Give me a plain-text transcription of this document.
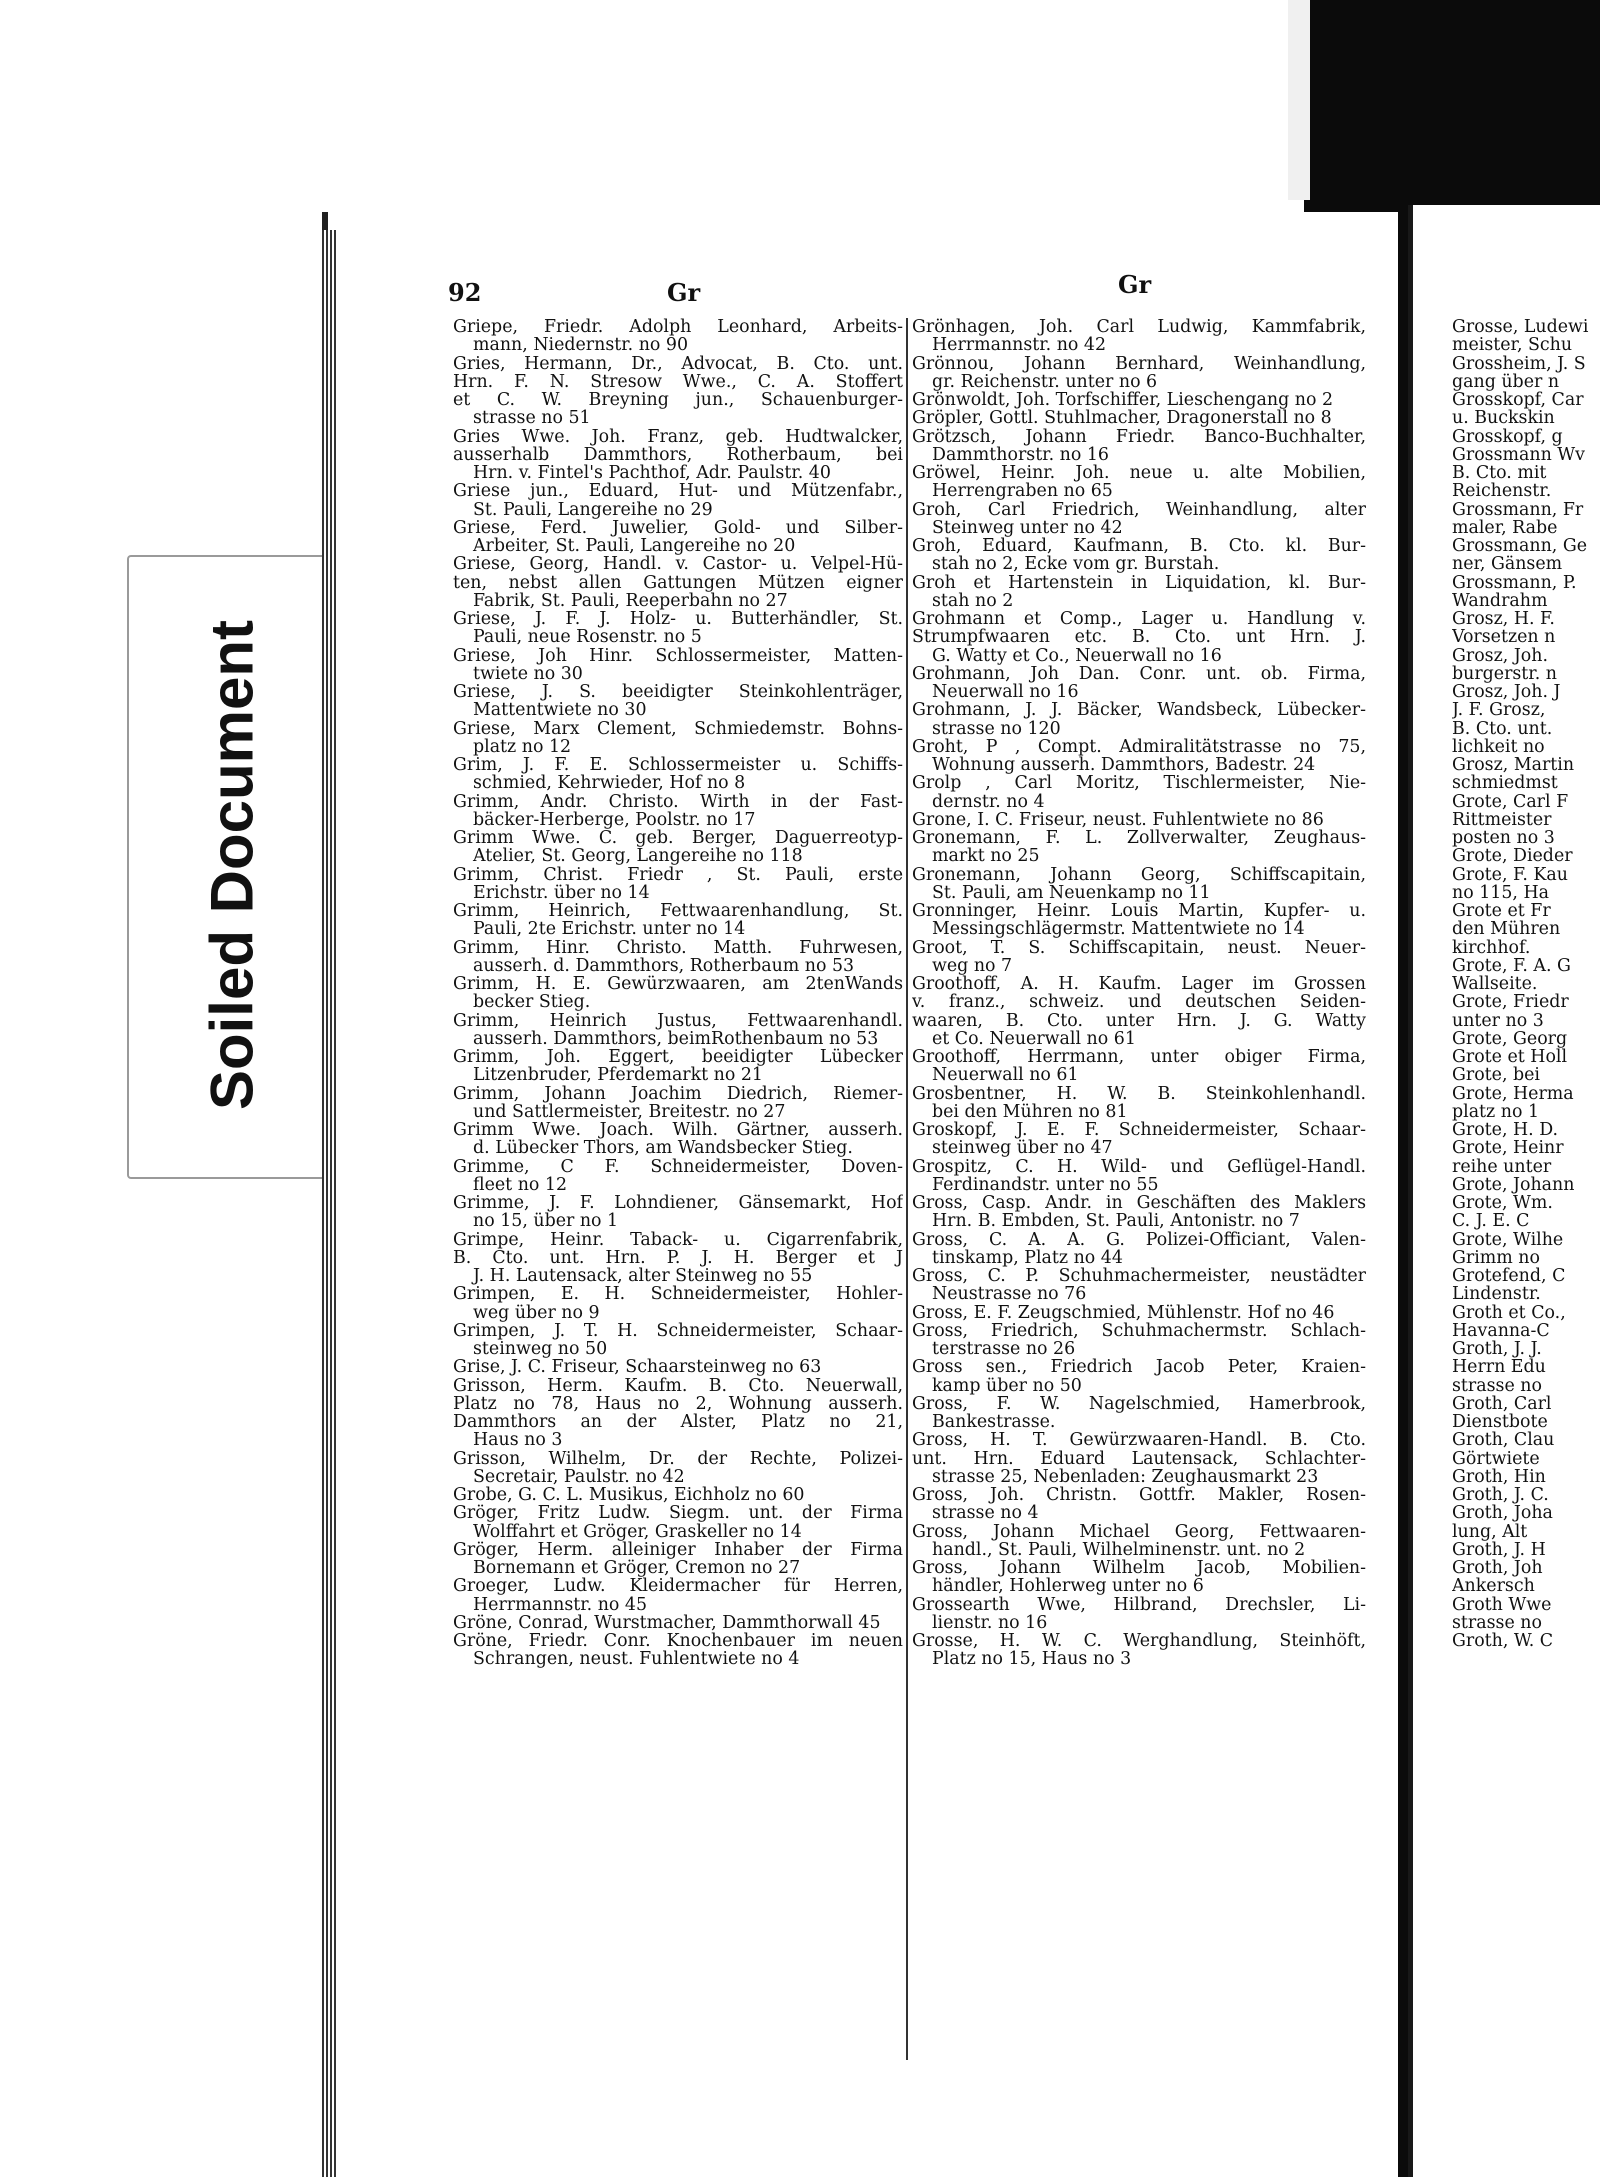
Soiled Document
92	Gr	Gr
Griepe, Friedr. Adolph Leonhard, Arbeits-
mann, Niedernstr. no 90
Gries, Hermann, Dr., Advocat, B. Cto. unt.
Hrn. F. N. Stresow Wwe., C. A. Stoffert
et C. W. Breyning jun., Schauenburger-
strasse no 51
Gries Wwe. Joh. Franz, geb. Hudtwalcker,
ausserhalb Dammthors, Rotherbaum, bei
Hrn. v. Fintel's Pachthof, Adr. Paulstr. 40
Griese jun., Eduard, Hut- und Mützenfabr.,
St. Pauli, Langereihe no 29
Griese, Ferd. Juwelier, Gold- und Silber-
Arbeiter, St. Pauli, Langereihe no 20
Griese, Georg, Handl. v. Castor- u. Velpel-Hü-
ten, nebst allen Gattungen Mützen eigner
Fabrik, St. Pauli, Reeperbahn no 27
Griese, J. F. J. Holz- u. Butterhändler, St.
Pauli, neue Rosenstr. no 5
Griese, Joh Hinr. Schlossermeister, Matten-
twiete no 30
Griese, J. S. beeidigter Steinkohlenträger,
Mattentwiete no 30
Griese, Marx Clement, Schmiedemstr. Bohns-
platz no 12
Grim, J. F. E. Schlossermeister u. Schiffs-
schmied, Kehrwieder, Hof no 8
Grimm, Andr. Christo. Wirth in der Fast-
bäcker-Herberge, Poolstr. no 17
Grimm Wwe. C. geb. Berger, Daguerreotyp-
Atelier, St. Georg, Langereihe no 118
Grimm, Christ. Friedr , St. Pauli, erste
Erichstr. über no 14
Grimm, Heinrich, Fettwaarenhandlung, St.
Pauli, 2te Erichstr. unter no 14
Grimm, Hinr. Christo. Matth. Fuhrwesen,
ausserh. d. Dammthors, Rotherbaum no 53
Grimm, H. E. Gewürzwaaren, am 2tenWands
becker Stieg.
Grimm, Heinrich Justus, Fettwaarenhandl.
ausserh. Dammthors, beimRothenbaum no 53
Grimm, Joh. Eggert, beeidigter Lübecker
Litzenbruder, Pferdemarkt no 21
Grimm, Johann Joachim Diedrich, Riemer-
und Sattlermeister, Breitestr. no 27
Grimm Wwe. Joach. Wilh. Gärtner, ausserh.
d. Lübecker Thors, am Wandsbecker Stieg.
Grimme, C F. Schneidermeister, Doven-
fleet no 12
Grimme, J. F. Lohndiener, Gänsemarkt, Hof
no 15, über no 1
Grimpe, Heinr. Taback- u. Cigarrenfabrik,
B. Cto. unt. Hrn. P. J. H. Berger et J
J. H. Lautensack, alter Steinweg no 55
Grimpen, E. H. Schneidermeister, Hohler-
weg über no 9
Grimpen, J. T. H. Schneidermeister, Schaar-
steinweg no 50
Grise, J. C. Friseur, Schaarsteinweg no 63
Grisson, Herm. Kaufm. B. Cto. Neuerwall,
Platz no 78, Haus no 2, Wohnung ausserh.
Dammthors an der Alster, Platz no 21,
Haus no 3
Grisson, Wilhelm, Dr. der Rechte, Polizei-
Secretair, Paulstr. no 42
Grobe, G. C. L. Musikus, Eichholz no 60
Gröger, Fritz Ludw. Siegm. unt. der Firma
Wolffahrt et Gröger, Graskeller no 14
Gröger, Herm. alleiniger Inhaber der Firma
Bornemann et Gröger, Cremon no 27
Groeger, Ludw. Kleidermacher für Herren,
Herrmannstr. no 45
Gröne, Conrad, Wurstmacher, Dammthorwall 45
Gröne, Friedr. Conr. Knochenbauer im neuen
Schrangen, neust. Fuhlentwiete no 4
Grönhagen, Joh. Carl Ludwig, Kammfabrik,
Herrmannstr. no 42
Grönnou, Johann Bernhard, Weinhandlung,
gr. Reichenstr. unter no 6
Grönwoldt, Joh. Torfschiffer, Lieschengang no 2
Gröpler, Gottl. Stuhlmacher, Dragonerstall no 8
Grötzsch, Johann Friedr. Banco-Buchhalter,
Dammthorstr. no 16
Gröwel, Heinr. Joh. neue u. alte Mobilien,
Herrengraben no 65
Groh, Carl Friedrich, Weinhandlung, alter
Steinweg unter no 42
Groh, Eduard, Kaufmann, B. Cto. kl. Bur-
stah no 2, Ecke vom gr. Burstah.
Groh et Hartenstein in Liquidation, kl. Bur-
stah no 2
Grohmann et Comp., Lager u. Handlung v.
Strumpfwaaren etc. B. Cto. unt Hrn. J.
G. Watty et Co., Neuerwall no 16
Grohmann, Joh Dan. Conr. unt. ob. Firma,
Neuerwall no 16
Grohmann, J. J. Bäcker, Wandsbeck, Lübecker-
strasse no 120
Groht, P , Compt. Admiralitätstrasse no 75,
Wohnung ausserh. Dammthors, Badestr. 24
Grolp , Carl Moritz, Tischlermeister, Nie-
dernstr. no 4
Grone, I. C. Friseur, neust. Fuhlentwiete no 86
Gronemann, F. L. Zollverwalter, Zeughaus-
markt no 25
Gronemann, Johann Georg, Schiffscapitain,
St. Pauli, am Neuenkamp no 11
Gronninger, Heinr. Louis Martin, Kupfer- u.
Messingschlägermstr. Mattentwiete no 14
Groot, T. S. Schiffscapitain, neust. Neuer-
weg no 7
Groothoff, A. H. Kaufm. Lager im Grossen
v. franz., schweiz. und deutschen Seiden-
waaren, B. Cto. unter Hrn. J. G. Watty
et Co. Neuerwall no 61
Groothoff, Herrmann, unter obiger Firma,
Neuerwall no 61
Grosbentner, H. W. B. Steinkohlenhandl.
bei den Mühren no 81
Groskopf, J. E. F. Schneidermeister, Schaar-
steinweg über no 47
Grospitz, C. H. Wild- und Geflügel-Handl.
Ferdinandstr. unter no 55
Gross, Casp. Andr. in Geschäften des Maklers
Hrn. B. Embden, St. Pauli, Antonistr. no 7
Gross, C. A. A. G. Polizei-Officiant, Valen-
tinskamp, Platz no 44
Gross, C. P. Schuhmachermeister, neustädter
Neustrasse no 76
Gross, E. F. Zeugschmied, Mühlenstr. Hof no 46
Gross, Friedrich, Schuhmachermstr. Schlach-
terstrasse no 26
Gross sen., Friedrich Jacob Peter, Kraien-
kamp über no 50
Gross, F. W. Nagelschmied, Hamerbrook,
Bankestrasse.
Gross, H. T. Gewürzwaaren-Handl. B. Cto.
unt. Hrn. Eduard Lautensack, Schlachter-
strasse 25, Nebenladen: Zeughausmarkt 23
Gross, Joh. Christn. Gottfr. Makler, Rosen-
strasse no 4
Gross, Johann Michael Georg, Fettwaaren-
handl., St. Pauli, Wilhelminenstr. unt. no 2
Gross, Johann Wilhelm Jacob, Mobilien-
händler, Hohlerweg unter no 6
Grossearth Wwe, Hilbrand, Drechsler, Li-
lienstr. no 16
Grosse, H. W. C. Werghandlung, Steinhöft,
Platz no 15, Haus no 3
Grosse, Ludewi
meister, Schu
Grossheim, J. S
gang über n
Grosskopf, Car
u. Buckskin
Grosskopf, g
Grossmann Wv
B. Cto. mit
Reichenstr.
Grossmann, Fr
maler, Rabe
Grossmann, Ge
ner, Gänsem
Grossmann, P.
Wandrahm
Grosz, H. F.
Vorsetzen n
Grosz, Joh.
burgerstr. n
Grosz, Joh. J
J. F. Grosz,
B. Cto. unt.
lichkeit no
Grosz, Martin
schmiedmst
Grote, Carl F
Rittmeister
posten no 3
Grote, Dieder
Grote, F. Kau
no 115, Ha
Grote et Fr
den Mühren
kirchhof.
Grote, F. A. G
Wallseite.
Grote, Friedr
unter no 3
Grote, Georg
Grote et Holl
Grote, bei
Grote, Herma
platz no 1
Grote, H. D.
Grote, Heinr
reihe unter
Grote, Johann
Grote, Wm.
C. J. E. C
Grote, Wilhe
Grimm no
Grotefend, C
Lindenstr.
Groth et Co.,
Havanna-C
Groth, J. J.
Herrn Edu
strasse no
Groth, Carl
Dienstbote
Groth, Clau
Görtwiete
Groth, Hin
Groth, J. C.
Groth, Joha
lung, Alt
Groth, J. H
Groth, Joh
Ankersch
Groth Wwe
strasse no
Groth, W. C
